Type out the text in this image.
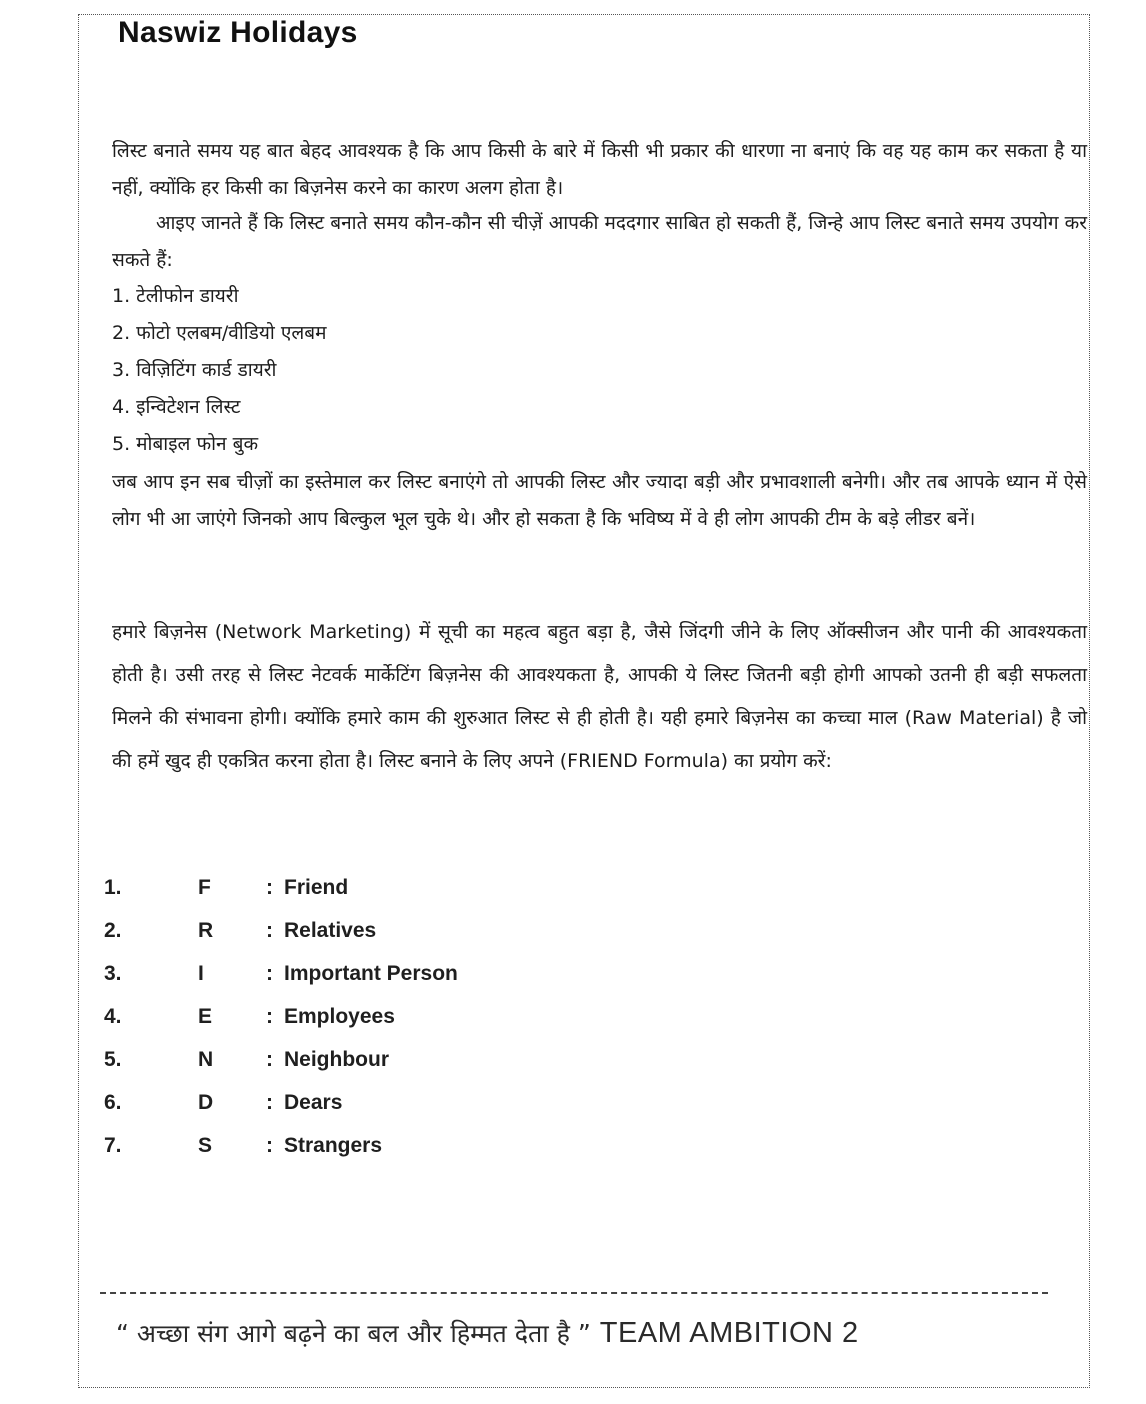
Naswiz Holidays
लिस्ट बनाते समय यह बात बेहद आवश्यक है कि आप किसी के बारे में किसी भी प्रकार की धारणा ना बनाएं कि वह यह काम कर सकता है या नहीं, क्योंकि हर किसी का बिज़नेस करने का कारण अलग होता है।
आइए जानते हैं कि लिस्ट बनाते समय कौन-कौन सी चीज़ें आपकी मददगार साबित हो सकती हैं, जिन्हे आप लिस्ट बनाते समय उपयोग कर सकते हैं:
1. टेलीफोन डायरी
2. फोटो एलबम/वीडियो एलबम
3. विज़िटिंग कार्ड डायरी
4. इन्विटेशन लिस्ट
5. मोबाइल फोन बुक
जब आप इन सब चीज़ों का इस्तेमाल कर लिस्ट बनाएंगे तो आपकी लिस्ट और ज्यादा बड़ी और प्रभावशाली बनेगी। और तब आपके ध्यान में ऐसे लोग भी आ जाएंगे जिनको आप बिल्कुल भूल चुके थे। और हो सकता है कि भविष्य में वे ही लोग आपकी टीम के बड़े लीडर बनें।
हमारे बिज़नेस (Network Marketing) में सूची का महत्व बहुत बड़ा है, जैसे जिंदगी जीने के लिए ऑक्सीजन और पानी की आवश्यकता होती है। उसी तरह से लिस्ट नेटवर्क मार्केटिंग बिज़नेस की आवश्यकता है, आपकी ये लिस्ट जितनी बड़ी होगी आपको उतनी ही बड़ी सफलता मिलने की संभावना होगी। क्योंकि हमारे काम की शुरुआत लिस्ट से ही होती है। यही हमारे बिज़नेस का कच्चा माल (Raw Material) है जो की हमें खुद ही एकत्रित करना होता है। लिस्ट बनाने के लिए अपने (FRIEND Formula) का प्रयोग करें:
1.	F	: Friend
2.	R	: Relatives
3.	I	: Important Person
4.	E	: Employees
5.	N	: Neighbour
6.	D	: Dears
7.	S	: Strangers
“ अच्छा संग आगे बढ़ने का बल और हिम्मत देता है ” TEAM AMBITION 2
